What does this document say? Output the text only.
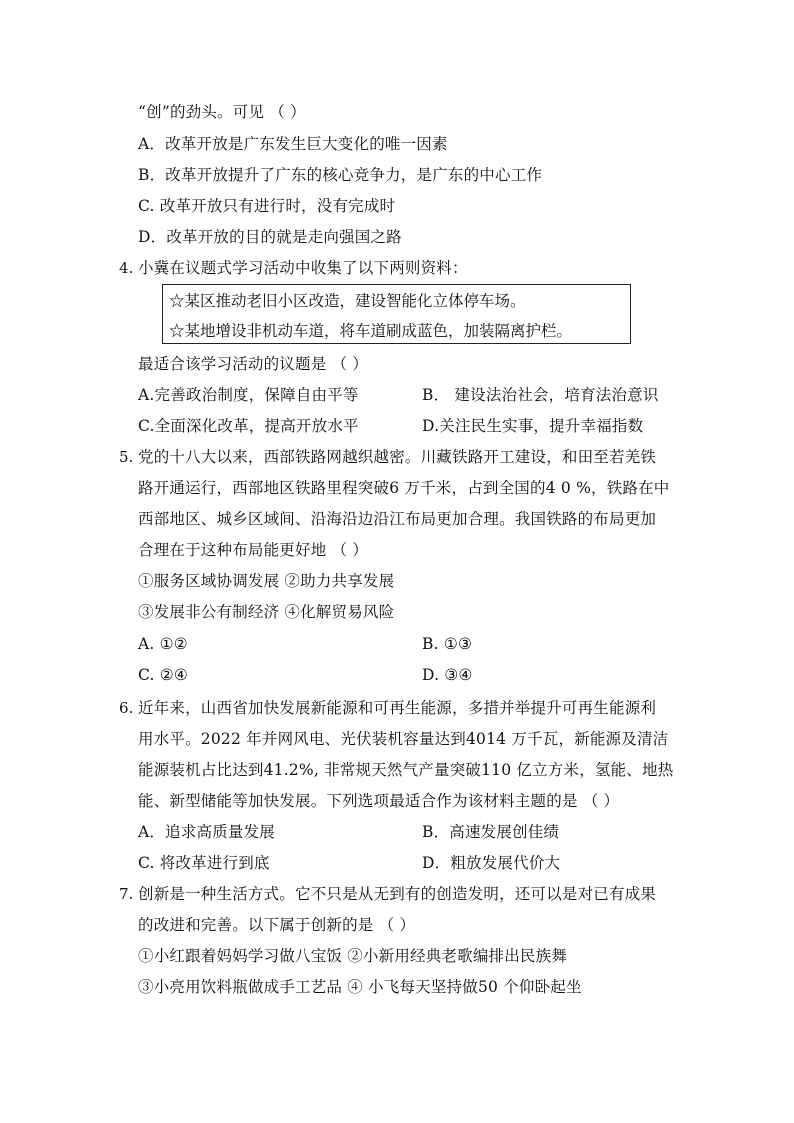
“创”的劲头。可见 （ ）
A．改革开放是广东发生巨大变化的唯一因素
B．改革开放提升了广东的核心竞争力，是广东的中心工作
C. 改革开放只有进行时，没有完成时
D．改革开放的目的就是走向强国之路
4. 小冀在议题式学习活动中收集了以下两则资料：
☆某区推动老旧小区改造，建设智能化立体停车场。
☆某地增设非机动车道，将车道刷成蓝色，加装隔离护栏。
最适合该学习活动的议题是 （ ）
A.完善政治制度，保障自由平等	B． 建设法治社会，培育法治意识
C.全面深化改革，提高开放水平	D.关注民生实事，提升幸福指数
5. 党的十八大以来，西部铁路网越织越密。川藏铁路开工建设，和田至若羌铁
路开通运行，西部地区铁路里程突破6 万千米，占到全国的4 0 %，铁路在中
西部地区、城乡区域间、沿海沿边沿江布局更加合理。我国铁路的布局更加
合理在于这种布局能更好地 （ ）
①服务区域协调发展 ②助力共享发展
③发展非公有制经济 ④化解贸易风险
A. ①②	B. ①③
C. ②④	D. ③④
6. 近年来，山西省加快发展新能源和可再生能源，多措并举提升可再生能源利
用水平。2022 年并网风电、光伏装机容量达到4014 万千瓦，新能源及清洁
能源装机占比达到41.2%, 非常规天然气产量突破110 亿立方米，氢能、地热
能、新型储能等加快发展。下列选项最适合作为该材料主题的是 （ ）
A．追求高质量发展	B．高速发展创佳绩
C. 将改革进行到底	D．粗放发展代价大
7. 创新是一种生活方式。它不只是从无到有的创造发明，还可以是对已有成果
的改进和完善。以下属于创新的是 （ ）
①小红跟着妈妈学习做八宝饭 ②小新用经典老歌编排出民族舞
③小亮用饮料瓶做成手工艺品 ④ 小飞每天坚持做50 个仰卧起坐
